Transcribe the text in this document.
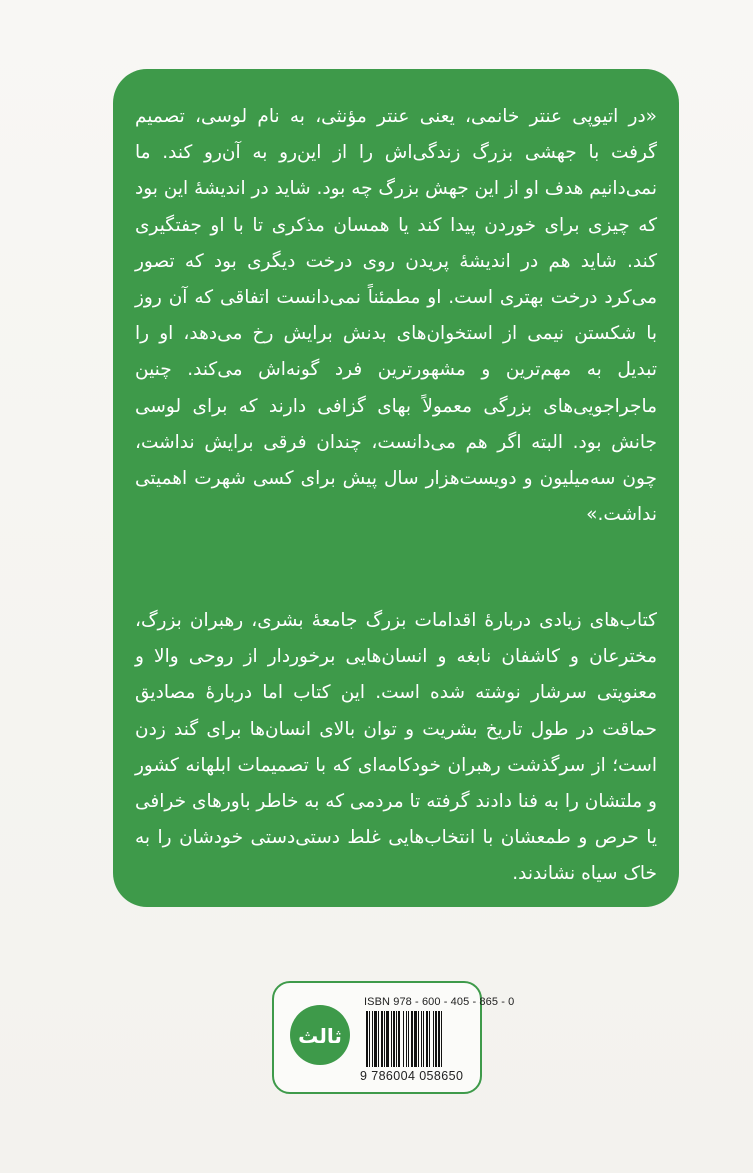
«در اتیوپی عنتر خانمی، یعنی عنتر مؤنثی، به نام لوسی، تصمیم گرفت با جهشی بزرگ زندگی‌اش را از این‌رو به آن‌رو کند. ما نمی‌دانیم هدف او از این جهش بزرگ چه بود. شاید در اندیشهٔ این بود که چیزی برای خوردن پیدا کند یا همسان مذکری تا با او جفتگیری کند. شاید هم در اندیشهٔ پریدن روی درخت دیگری بود که تصور می‌کرد درخت بهتری است. او مطمئناً نمی‌دانست اتفاقی که آن روز با شکستن نیمی از استخوان‌های بدنش برایش رخ می‌دهد، او را تبدیل به مهم‌ترین و مشهورترین فرد گونه‌اش می‌کند. چنین ماجراجویی‌های بزرگی معمولاً بهای گزافی دارند که برای لوسی جانش بود. البته اگر هم می‌دانست، چندان فرقی برایش نداشت، چون سه‌میلیون و دویست‌هزار سال پیش برای کسی شهرت اهمیتی نداشت.»

کتاب‌های زیادی دربارهٔ اقدامات بزرگ جامعهٔ بشری، رهبران بزرگ، مخترعان و کاشفان نابغه و انسان‌هایی برخوردار از روحی والا و معنویتی سرشار نوشته شده است. این کتاب اما دربارهٔ مصادیق حماقت در طول تاریخ بشریت و توان بالای انسان‌ها برای گند زدن است؛ از سرگذشت رهبران خودکامه‌ای که با تصمیمات ابلهانه کشور و ملتشان را به فنا دادند گرفته تا مردمی که به خاطر باورهای خرافی یا حرص و طمعشان با انتخاب‌هایی غلط دستی‌دستی خودشان را به خاک سیاه نشاندند.

ثالث
ISBN 978 - 600 - 405 - 865 - 0
9 786004 058650
